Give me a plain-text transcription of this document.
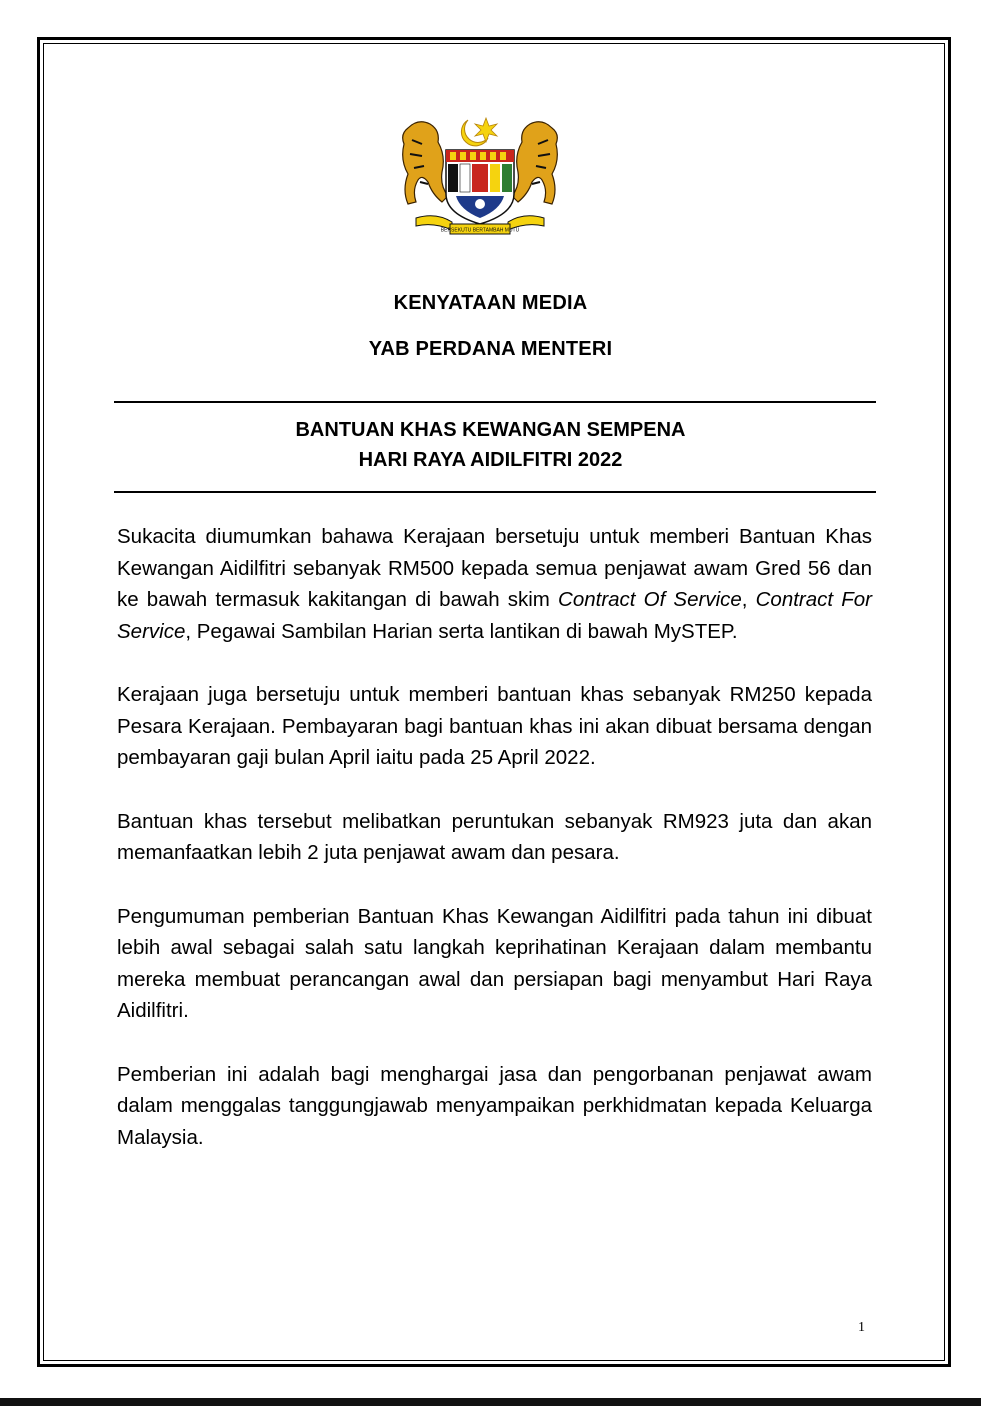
BERSEKUTU BERTAMBAH MUTU
KENYATAAN MEDIA
YAB PERDANA MENTERI
BANTUAN KHAS KEWANGAN SEMPENA
HARI RAYA AIDILFITRI 2022

Sukacita diumumkan bahawa Kerajaan bersetuju untuk memberi Bantuan Khas Kewangan Aidilfitri sebanyak RM500 kepada semua penjawat awam Gred 56 dan ke bawah termasuk kakitangan di bawah skim Contract Of Service, Contract For Service, Pegawai Sambilan Harian serta lantikan di bawah MySTEP.

Kerajaan juga bersetuju untuk memberi bantuan khas sebanyak RM250 kepada Pesara Kerajaan. Pembayaran bagi bantuan khas ini akan dibuat bersama dengan pembayaran gaji bulan April iaitu pada 25 April 2022.

Bantuan khas tersebut melibatkan peruntukan sebanyak RM923 juta dan akan memanfaatkan lebih 2 juta penjawat awam dan pesara.

Pengumuman pemberian Bantuan Khas Kewangan Aidilfitri pada tahun ini dibuat lebih awal sebagai salah satu langkah keprihatinan Kerajaan dalam membantu mereka membuat perancangan awal dan persiapan bagi menyambut Hari Raya Aidilfitri.

Pemberian ini adalah bagi menghargai jasa dan pengorbanan penjawat awam dalam menggalas tanggungjawab menyampaikan perkhidmatan kepada Keluarga Malaysia.

1
